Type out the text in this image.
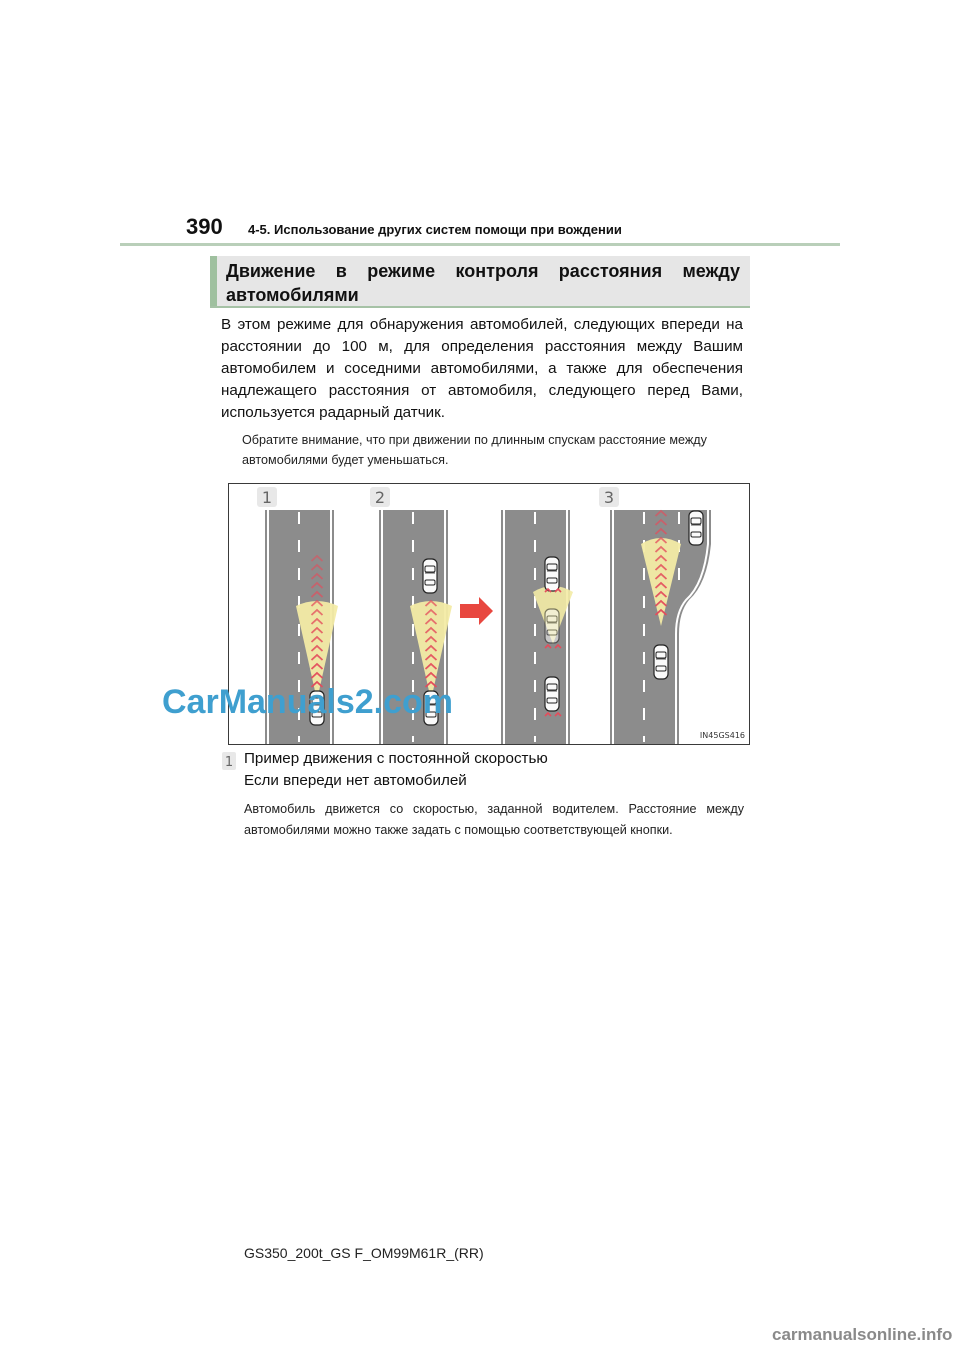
390 4-5. Использование других систем помощи при вождении
Движение в режиме контроля расстояния между
автомобилями
В этом режиме для обнаружения автомобилей, следующих впереди на расстоянии до 100 м, для определения расстояния между Вашим автомобилем и соседними автомобилями, а также для обеспечения надлежащего расстояния от автомобиля, следующего перед Вами, используется радарный датчик.
Обратите внимание, что при движении по длинным спускам расстояние между автомобилями будет уменьшаться.
1	2	3
IN45GS416
1 Пример движения с постоянной скоростью
Если впереди нет автомобилей
Автомобиль движется со скоростью, заданной водителем. Расстояние между автомобилями можно также задать с помощью соответствующей кнопки.
GS350_200t_GS F_OM99M61R_(RR)
CarManuals2.com
carmanualsonline.info
